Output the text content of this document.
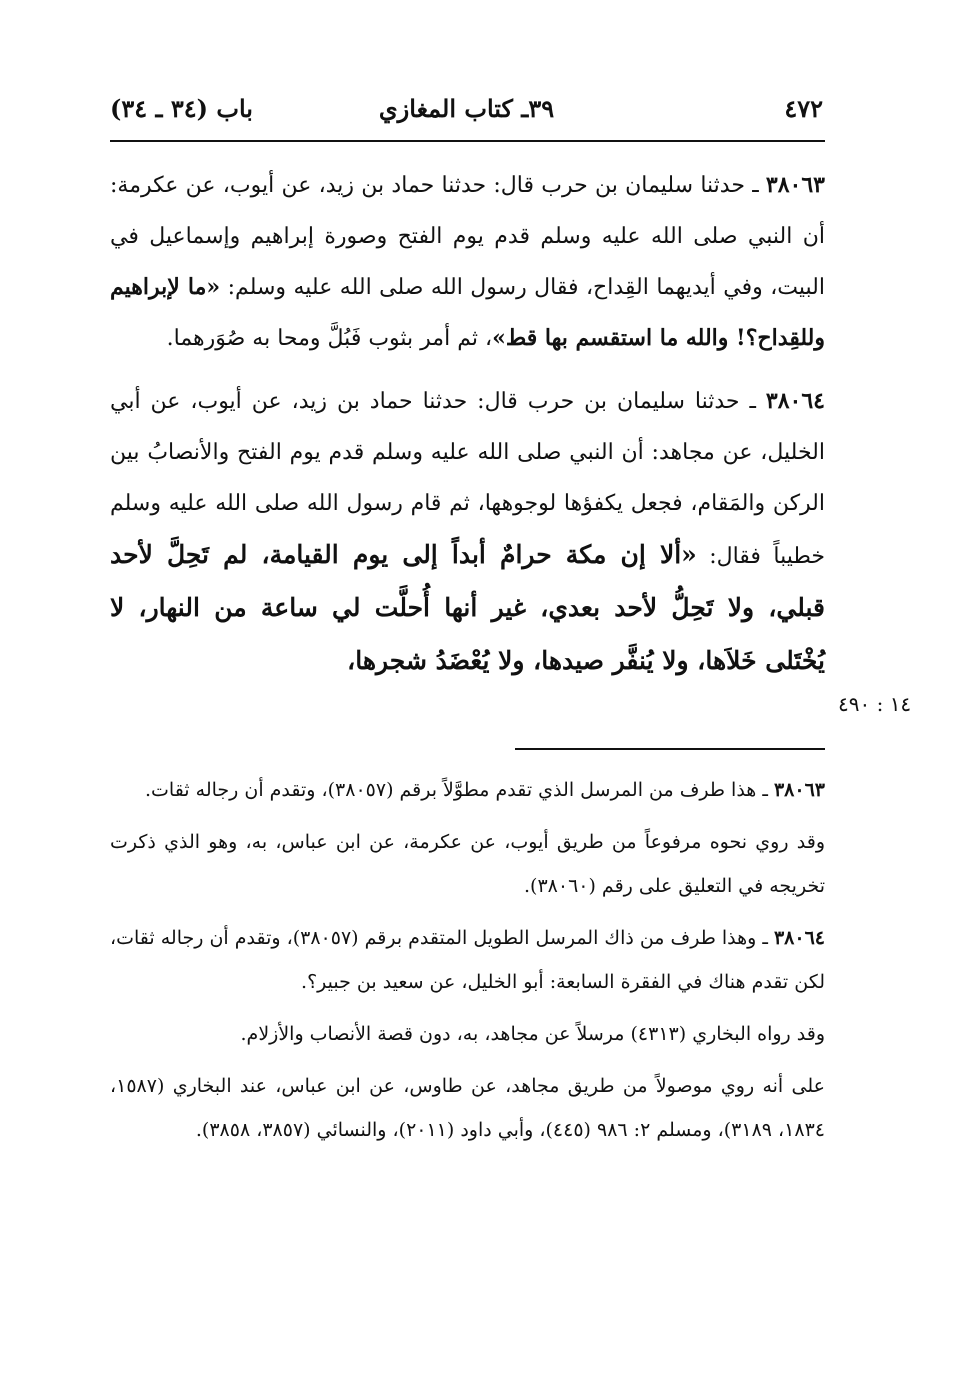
٤٧٢
٣٩ـ كتاب المغازي
باب (٣٤ ـ ٣٤)

٣٨٠٦٣ ـ حدثنا سليمان بن حرب قال: حدثنا حماد بن زيد، عن أيوب، عن عكرمة: أن النبي صلى الله عليه وسلم قدم يوم الفتح وصورة إبراهيم وإسماعيل في البيت، وفي أيديهما القِداح، فقال رسول الله صلى الله عليه وسلم: «ما لإبراهيم وللقِداح؟! والله ما استقسم بها قط»، ثم أمر بثوب فَبُلَّ ومحا به صُوَرهما.

٣٨٠٦٤ ـ حدثنا سليمان بن حرب قال: حدثنا حماد بن زيد، عن أيوب، عن أبي الخليل، عن مجاهد: أن النبي صلى الله عليه وسلم قدم يوم الفتح والأنصابُ بين الركن والمَقام، فجعل يكفؤها لوجوهها، ثم قام رسول الله صلى الله عليه وسلم خطيباً فقال: «ألا إن مكة حرامٌ أبداً إلى يوم القيامة، لم تَحِلَّ لأحد قبلي، ولا تَحِلُّ لأحد بعدي، غير أنها أُحلَّت لي ساعة من النهار، لا يُخْتَلى خَلاَها، ولا يُنفَّر صيدها، ولا يُعْضَدُ شجرها،

١٤ : ٤٩٠

٣٨٠٦٣ ـ هذا طرف من المرسل الذي تقدم مطوَّلاً برقم (٣٨٠٥٧)، وتقدم أن رجاله ثقات.

وقد روي نحوه مرفوعاً من طريق أيوب، عن عكرمة، عن ابن عباس، به، وهو الذي ذكرت تخريجه في التعليق على رقم (٣٨٠٦٠).

٣٨٠٦٤ ـ وهذا طرف من ذاك المرسل الطويل المتقدم برقم (٣٨٠٥٧)، وتقدم أن رجاله ثقات، لكن تقدم هناك في الفقرة السابعة: أبو الخليل، عن سعيد بن جبير؟.

وقد رواه البخاري (٤٣١٣) مرسلاً عن مجاهد، به، دون قصة الأنصاب والأزلام.

على أنه روي موصولاً من طريق مجاهد، عن طاوس، عن ابن عباس، عند البخاري (١٥٨٧، ١٨٣٤، ٣١٨٩)، ومسلم ٢: ٩٨٦ (٤٤٥)، وأبي داود (٢٠١١)، والنسائي (٣٨٥٧، ٣٨٥٨).
